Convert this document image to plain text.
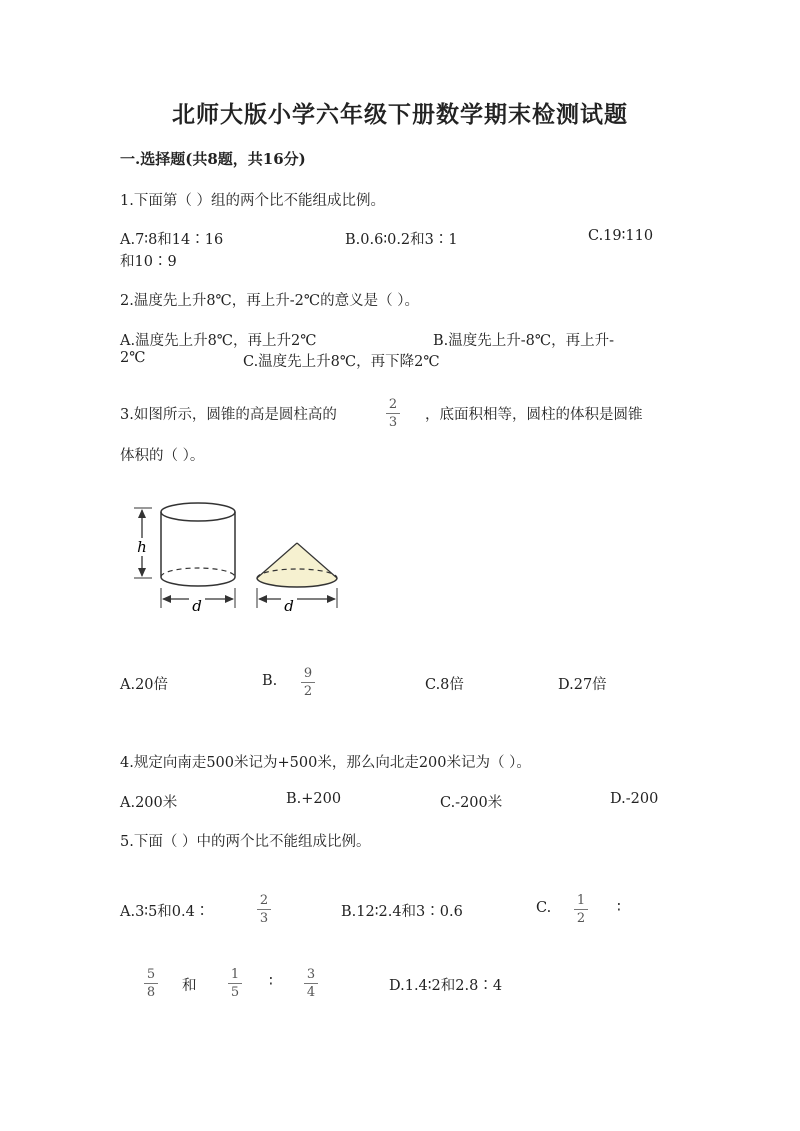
北师大版小学六年级下册数学期末检测试题
一.选择题(共8题，共16分)
1.下面第（ ）组的两个比不能组成比例。
A.7∶8和14∶16	B.0.6∶0.2和3∶1	C.19∶110
和10∶9
2.温度先上升8℃，再上升-2℃的意义是（ ）。
A.温度先上升8℃，再上升2℃	B.温度先上升-8℃，再上升-
2℃	C.温度先上升8℃，再下降2℃
3.如图所示，圆锥的高是圆柱高的
2
3	，底面积相等，圆柱的体积是圆锥
体积的（ ）。
h
d	d
A.20倍	B.	9
2	C.8倍	D.27倍
4.规定向南走500米记为+500米，那么向北走200米记为（ ）。
A.200米	B.+200	C.-200米	D.-200
5.下面（ ）中的两个比不能组成比例。
A.3∶5和0.4∶
2
3	B.12∶2.4和3∶0.6	C.	1
2
∶
5
8	和
1
5
∶	3
4	D.1.4∶2和2.8∶4
